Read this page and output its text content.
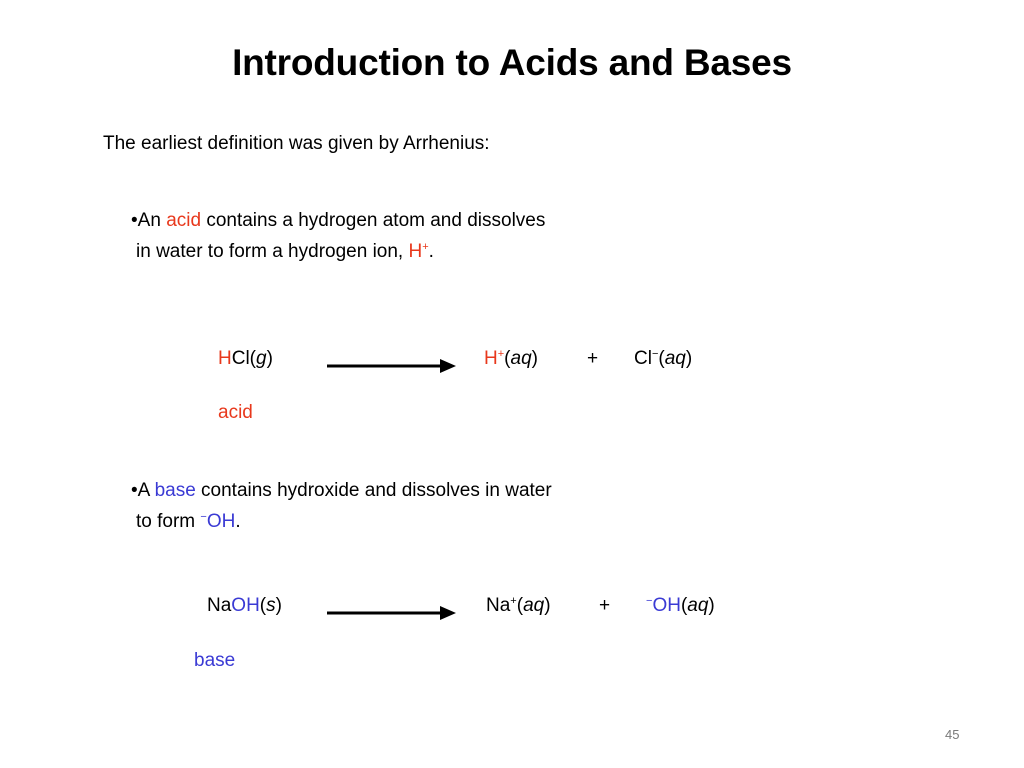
Introduction to Acids and Bases
The earliest definition was given by Arrhenius:
•An acid contains a hydrogen atom and dissolves
in water to form a hydrogen ion, H+.
HCl(g)	H+(aq)	+ Cl−(aq)
acid
•A base contains hydroxide and dissolves in water
to form −OH.
NaOH(s)	Na+(aq)	+	−OH(aq)
base
45
